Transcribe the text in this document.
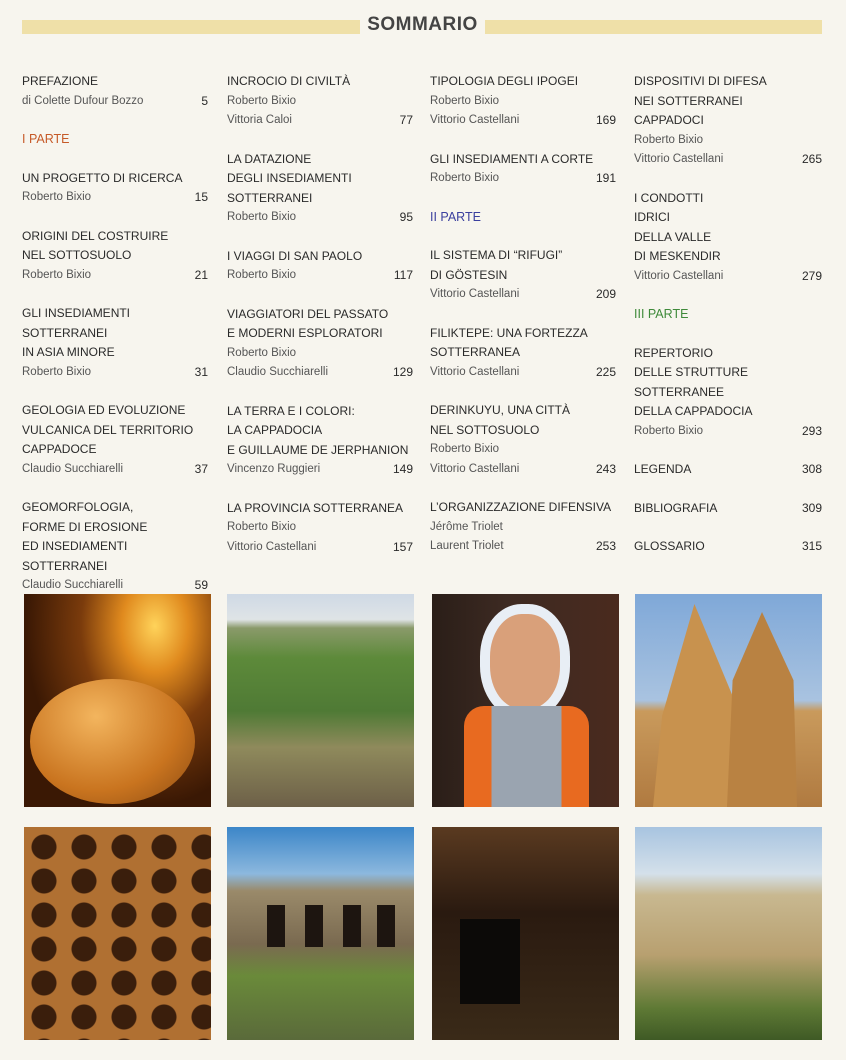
SOMMARIO
PREFAZIONE
di Colette Dufour Bozzo	5
I PARTE
UN PROGETTO DI RICERCA
Roberto Bixio	15
ORIGINI DEL COSTRUIRE
NEL SOTTOSUOLO
Roberto Bixio	21
GLI INSEDIAMENTI SOTTERRANEI
IN ASIA MINORE
Roberto Bixio	31
GEOLOGIA ED EVOLUZIONE
VULCANICA DEL TERRITORIO
CAPPADOCE
Claudio Succhiarelli	37
GEOMORFOLOGIA,
FORME DI EROSIONE
ED INSEDIAMENTI SOTTERRANEI
Claudio Succhiarelli	59
INCROCIO DI CIVILTÀ
Roberto Bixio
Vittoria Caloi	77
LA DATAZIONE
DEGLI INSEDIAMENTI
SOTTERRANEI
Roberto Bixio	95
I VIAGGI DI SAN PAOLO
Roberto Bixio	117
VIAGGIATORI DEL PASSATO
E MODERNI ESPLORATORI
Roberto Bixio
Claudio Succhiarelli	129
LA TERRA E I COLORI:
LA CAPPADOCIA
E GUILLAUME DE JERPHANION
Vincenzo Ruggieri	149
LA PROVINCIA SOTTERRANEA
Roberto Bixio
Vittorio Castellani	157
TIPOLOGIA DEGLI IPOGEI
Roberto Bixio
Vittorio Castellani	169
GLI INSEDIAMENTI A CORTE
Roberto Bixio	191
II PARTE
IL SISTEMA DI “RIFUGI”
DI GÖSTESIN
Vittorio Castellani	209
FILIKTEPE: UNA FORTEZZA
SOTTERRANEA
Vittorio Castellani	225
DERINKUYU, UNA CITTÀ
NEL SOTTOSUOLO
Roberto Bixio
Vittorio Castellani	243
L’ORGANIZZAZIONE DIFENSIVA
Jérôme Triolet
Laurent Triolet	253
DISPOSITIVI DI DIFESA
NEI SOTTERRANEI
CAPPADOCI
Roberto Bixio
Vittorio Castellani	265
I CONDOTTI
IDRICI
DELLA VALLE
DI MESKENDIR
Vittorio Castellani	279
III PARTE
REPERTORIO
DELLE STRUTTURE
SOTTERRANEE
DELLA CAPPADOCIA
Roberto Bixio	293
LEGENDA	308
BIBLIOGRAFIA	309
GLOSSARIO	315
